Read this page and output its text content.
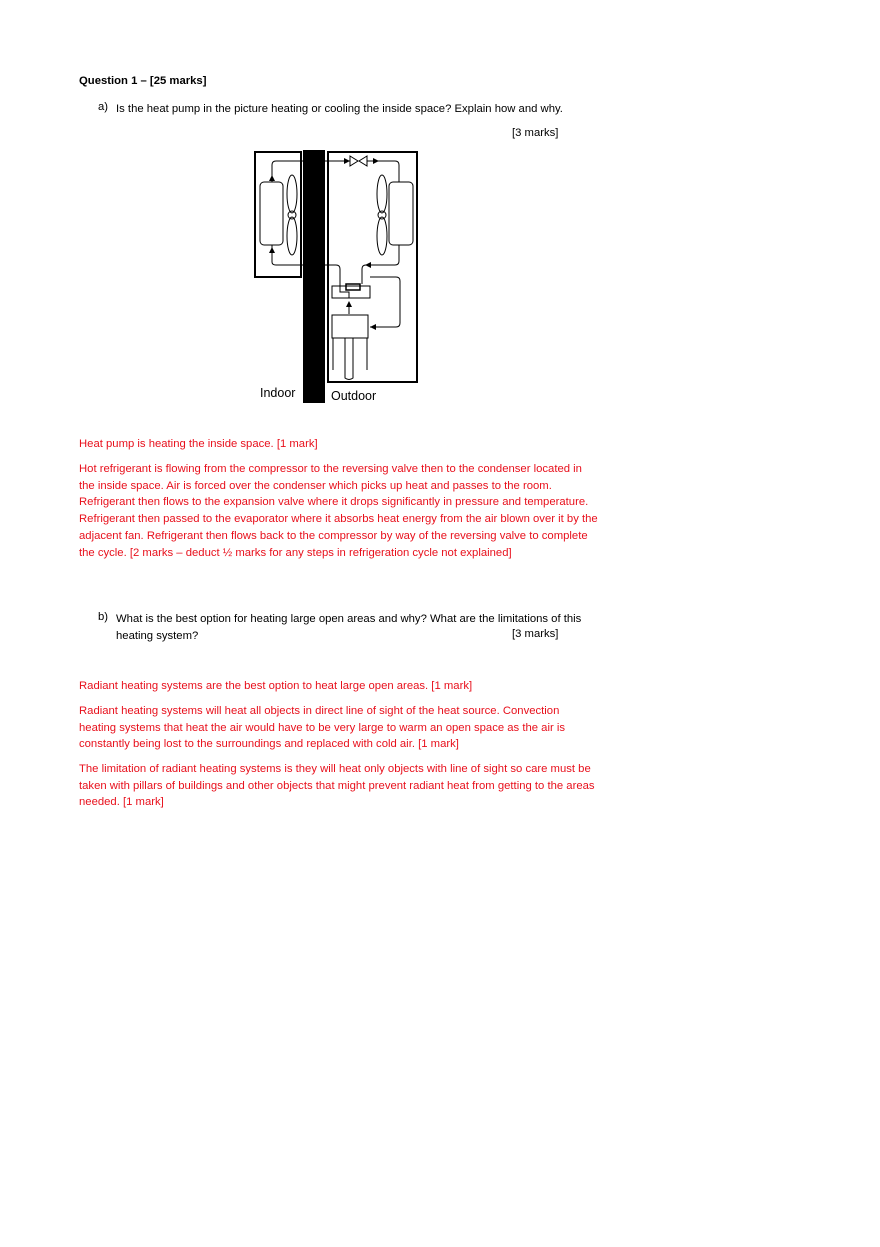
Question 1 – [25 marks]
a) Is the heat pump in the picture heating or cooling the inside space? Explain how and why.
[3 marks]
Indoor	Outdoor
Heat pump is heating the inside space. [1 mark]
Hot refrigerant is flowing from the compressor to the reversing valve then to the condenser located in the inside space. Air is forced over the condenser which picks up heat and passes to the room. Refrigerant then flows to the expansion valve where it drops significantly in pressure and temperature. Refrigerant then passed to the evaporator where it absorbs heat energy from the air blown over it by the adjacent fan. Refrigerant then flows back to the compressor by way of the reversing valve to complete the cycle. [2 marks – deduct ½ marks for any steps in refrigeration cycle not explained]
b) What is the best option for heating large open areas and why? What are the limitations of this heating system?	[3 marks]
Radiant heating systems are the best option to heat large open areas. [1 mark]
Radiant heating systems will heat all objects in direct line of sight of the heat source. Convection heating systems that heat the air would have to be very large to warm an open space as the air is constantly being lost to the surroundings and replaced with cold air. [1 mark]
The limitation of radiant heating systems is they will heat only objects with line of sight so care must be taken with pillars of buildings and other objects that might prevent radiant heat from getting to the areas needed. [1 mark]
